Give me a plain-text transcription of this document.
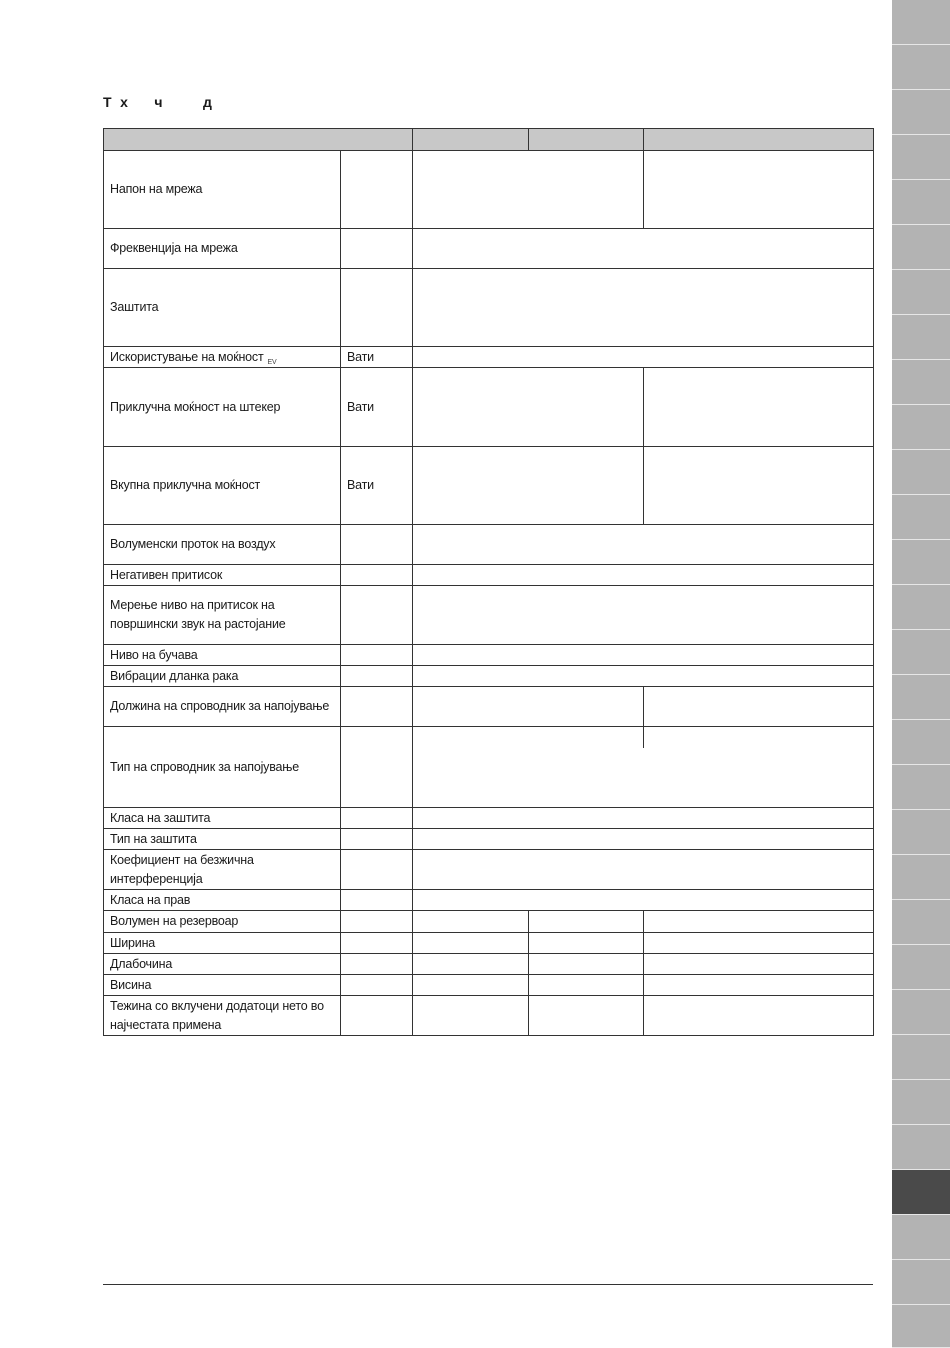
Т х ч	д
Напон на мрежа
Фреквенција на мрежа
Заштита
Искористување на моќност EV	Вати
Приклучна моќност на штекер	Вати
Вкупна приклучна моќност	Вати
Волуменски проток на воздух
Негативен притисок
Мерење ниво на притисок на
површински звук на растојание
Ниво на бучава
Вибрации дланка рака
Должина на спроводник за напојување
Тип на спроводник за напојување
Класа на заштита
Тип на заштита
Коефициент на безжична
интерференција
Класа на прав
Волумен на резервоар
Ширина
Длабочина
Висина
Тежина со вклучени додатоци нето во
најчестата примена
